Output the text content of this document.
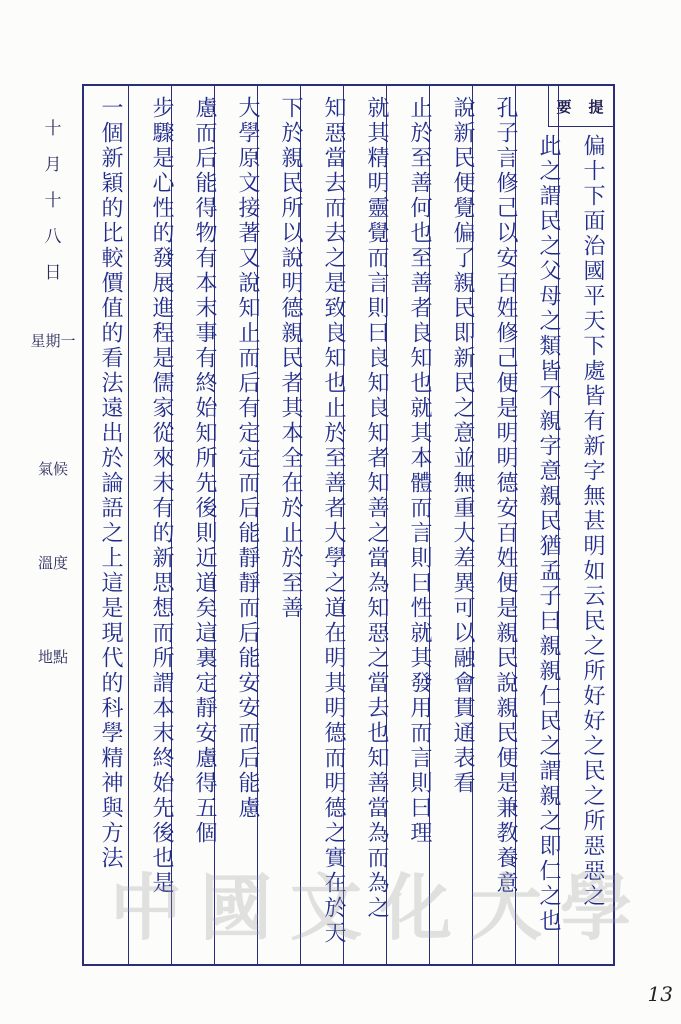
十
月
十
八
日
星期一
氣候
溫度
地點
要 提
偏十下面治國平天下處皆有新字無甚明如云民之所好好之民之所惡惡之
此之謂民之父母之類皆不親字意親民猶孟子曰親親仁民之謂親之即仁之也
孔子言修己以安百姓修己便是明明德安百姓便是親民說親民便是兼教養意
說新民便覺偏了親民即新民之意並無重大差異可以融會貫通表看
止於至善何也至善者良知也就其本體而言則曰性就其發用而言則曰理
就其精明靈覺而言則曰良知良知者知善之當為知惡之當去也知善當為而為之
知惡當去而去之是致良知也止於至善者大學之道在明其明德而明德之實在於天
下於親民所以說明德親民者其本全在於止於至善
大學原文接著又說知止而后有定定而后能靜靜而后能安安而后能慮
慮而后能得物有本末事有終始知所先後則近道矣這裏定靜安慮得五個
步驟是心性的發展進程是儒家從來未有的新思想而所謂本末終始先後也是
一個新穎的比較價值的看法遠出於論語之上這是現代的科學精神與方法
中國文化大學
13
